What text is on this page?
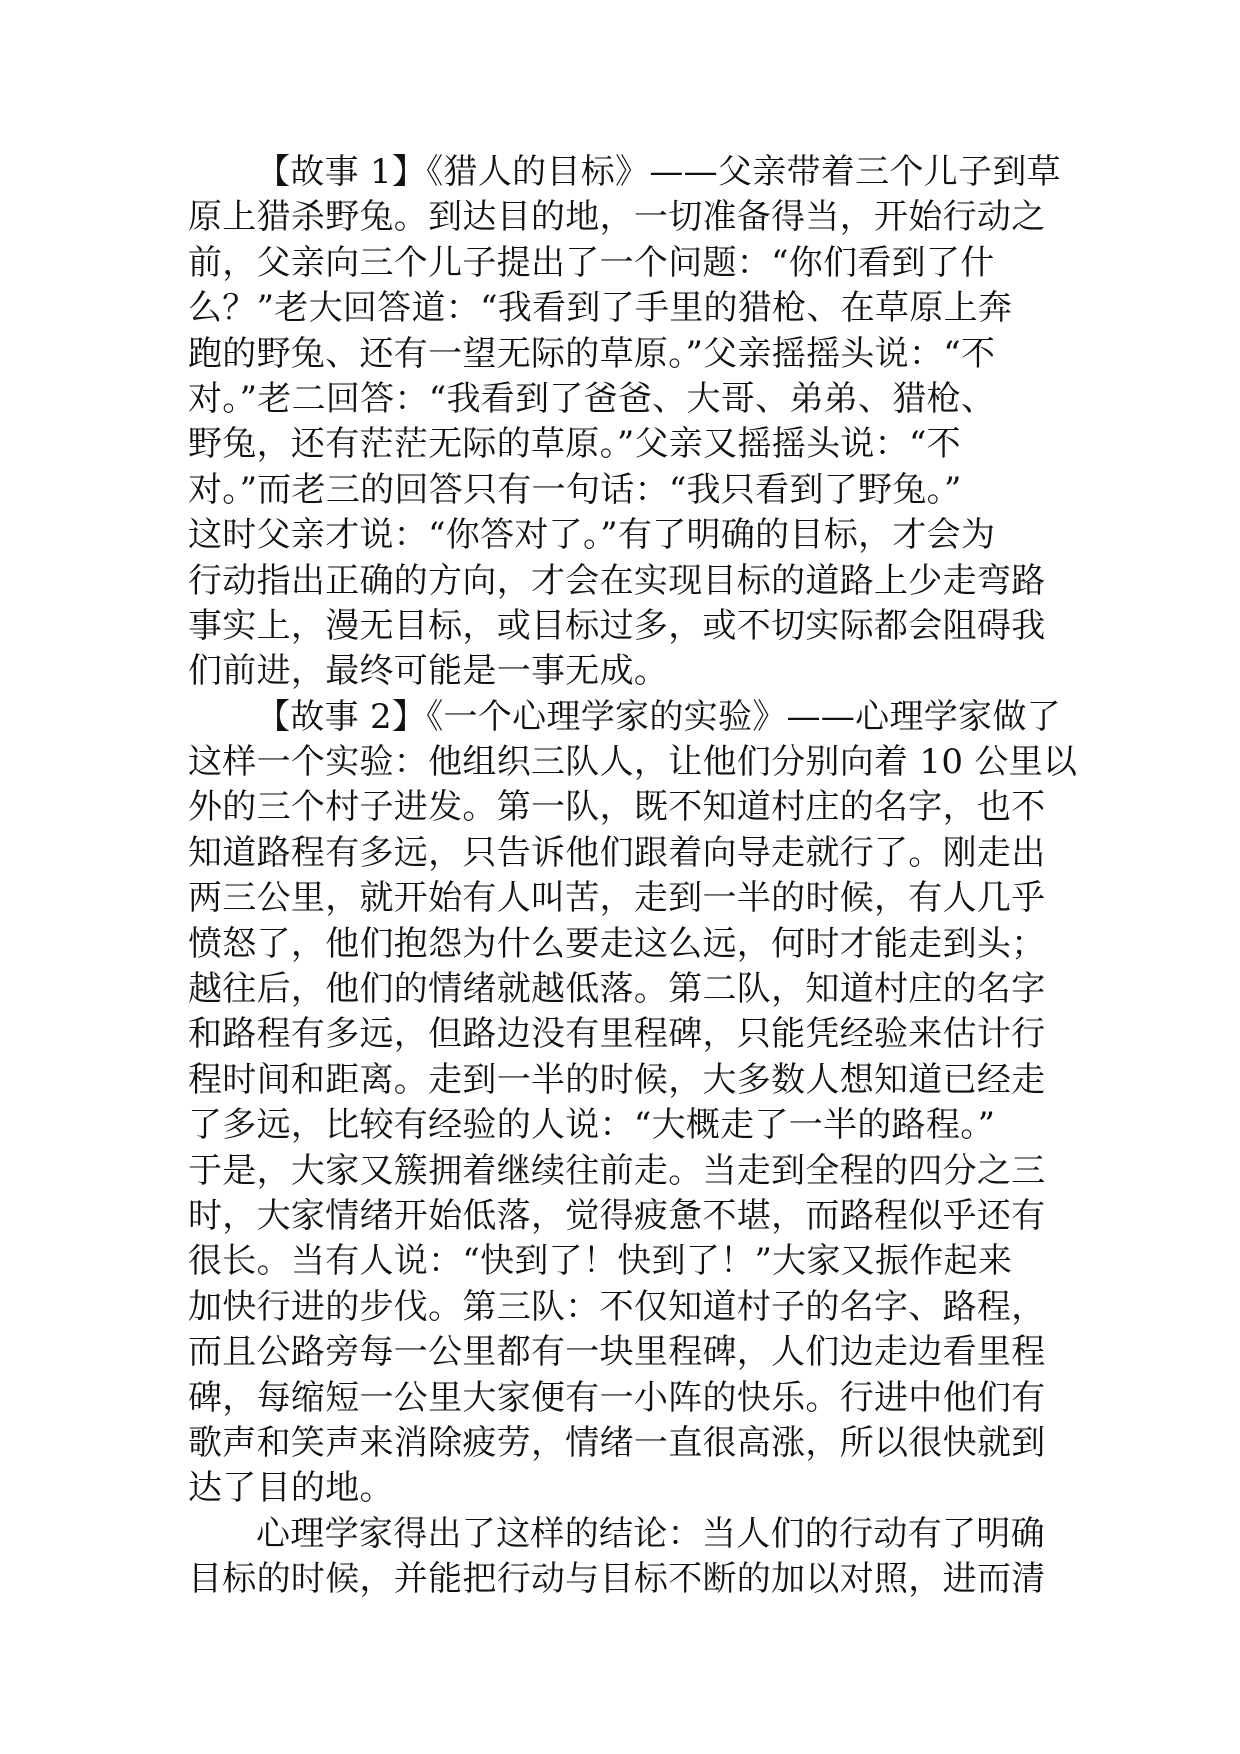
【故事 1】《猎人的目标》——父亲带着三个儿子到草
原上猎杀野兔。到达目的地，一切准备得当，开始行动之
前，父亲向三个儿子提出了一个问题：“你们看到了什
么？”老大回答道：“我看到了手里的猎枪、在草原上奔
跑的野兔、还有一望无际的草原。”父亲摇摇头说：“不
对。”老二回答：“我看到了爸爸、大哥、弟弟、猎枪、
野兔，还有茫茫无际的草原。”父亲又摇摇头说：“不
对。”而老三的回答只有一句话：“我只看到了野兔。”
这时父亲才说：“你答对了。”有了明确的目标，才会为
行动指出正确的方向，才会在实现目标的道路上少走弯路
事实上，漫无目标，或目标过多，或不切实际都会阻碍我
们前进，最终可能是一事无成。
【故事 2】《一个心理学家的实验》——心理学家做了
这样一个实验：他组织三队人，让他们分别向着 10 公里以
外的三个村子进发。第一队，既不知道村庄的名字，也不
知道路程有多远，只告诉他们跟着向导走就行了。刚走出
两三公里，就开始有人叫苦，走到一半的时候，有人几乎
愤怒了，他们抱怨为什么要走这么远，何时才能走到头；
越往后，他们的情绪就越低落。第二队，知道村庄的名字
和路程有多远，但路边没有里程碑，只能凭经验来估计行
程时间和距离。走到一半的时候，大多数人想知道已经走
了多远，比较有经验的人说：“大概走了一半的路程。”
于是，大家又簇拥着继续往前走。当走到全程的四分之三
时，大家情绪开始低落，觉得疲惫不堪，而路程似乎还有
很长。当有人说：“快到了！快到了！”大家又振作起来
加快行进的步伐。第三队：不仅知道村子的名字、路程，
而且公路旁每一公里都有一块里程碑，人们边走边看里程
碑，每缩短一公里大家便有一小阵的快乐。行进中他们有
歌声和笑声来消除疲劳，情绪一直很高涨，所以很快就到
达了目的地。
心理学家得出了这样的结论：当人们的行动有了明确
目标的时候，并能把行动与目标不断的加以对照，进而清
